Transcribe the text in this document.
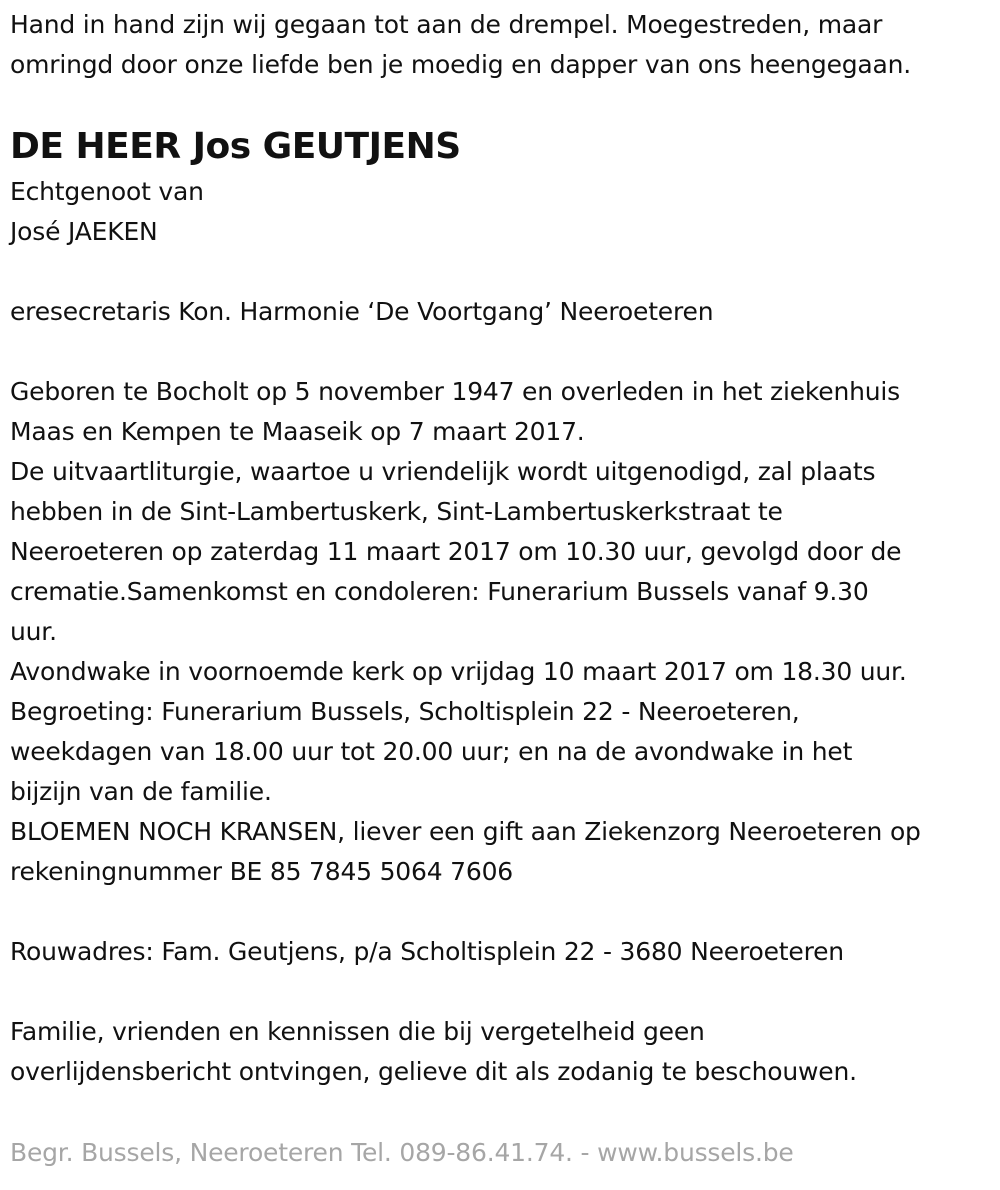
Hand in hand zijn wij gegaan tot aan de drempel. Moegestreden, maar
omringd door onze liefde ben je moedig en dapper van ons heengegaan.
DE HEER Jos GEUTJENS
Echtgenoot van
José JAEKEN
eresecretaris Kon. Harmonie ‘De Voortgang’ Neeroeteren
Geboren te Bocholt op 5 november 1947 en overleden in het ziekenhuis
Maas en Kempen te Maaseik op 7 maart 2017.
De uitvaartliturgie, waartoe u vriendelijk wordt uitgenodigd, zal plaats
hebben in de Sint-Lambertuskerk, Sint-Lambertuskerkstraat te
Neeroeteren op zaterdag 11 maart 2017 om 10.30 uur, gevolgd door de
crematie.Samenkomst en condoleren: Funerarium Bussels vanaf 9.30
uur.
Avondwake in voornoemde kerk op vrijdag 10 maart 2017 om 18.30 uur.
Begroeting: Funerarium Bussels, Scholtisplein 22 - Neeroeteren,
weekdagen van 18.00 uur tot 20.00 uur; en na de avondwake in het
bijzijn van de familie.
BLOEMEN NOCH KRANSEN, liever een gift aan Ziekenzorg Neeroeteren op
rekeningnummer BE 85 7845 5064 7606
Rouwadres: Fam. Geutjens, p/a Scholtisplein 22 - 3680 Neeroeteren
Familie, vrienden en kennissen die bij vergetelheid geen
overlijdensbericht ontvingen, gelieve dit als zodanig te beschouwen.
Begr. Bussels, Neeroeteren Tel. 089-86.41.74. - www.bussels.be
